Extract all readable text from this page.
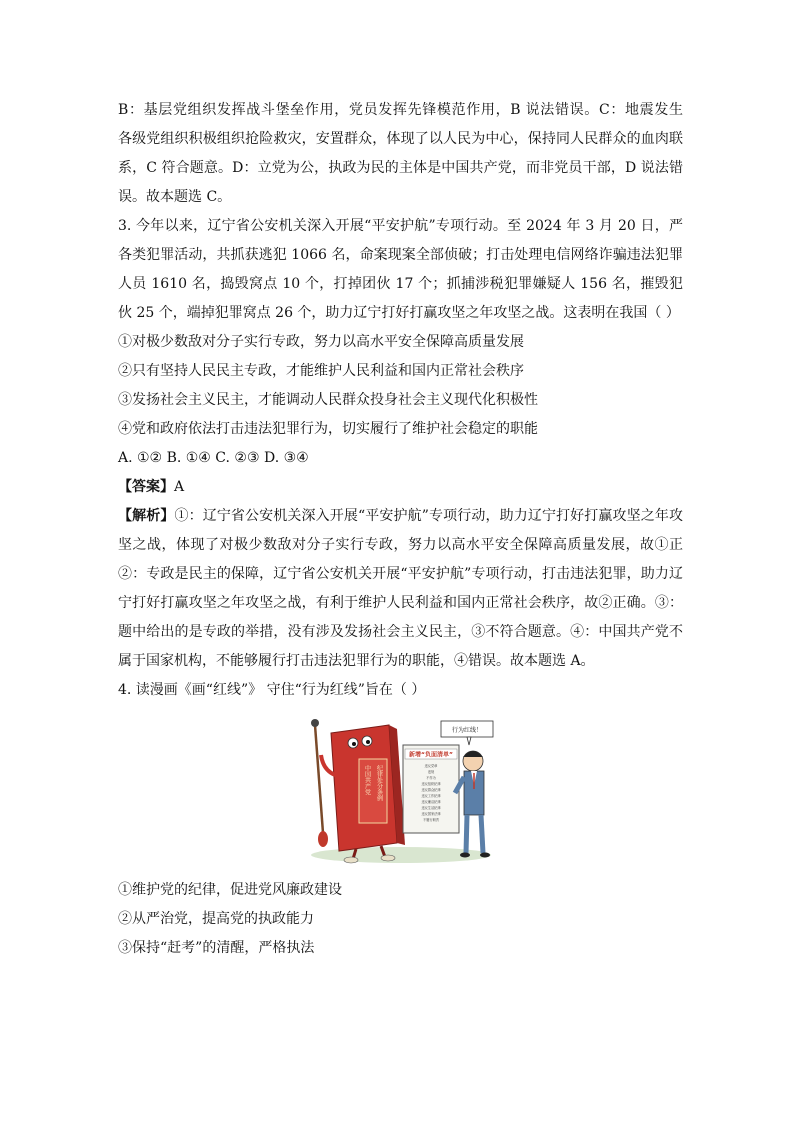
B：基层党组织发挥战斗堡垒作用，党员发挥先锋模范作用，B 说法错误。C：地震发生
各级党组织积极组织抢险救灾，安置群众，体现了以人民为中心，保持同人民群众的血肉联
系，C 符合题意。D：立党为公，执政为民的主体是中国共产党，而非党员干部，D 说法错
误。故本题选 C。
3. 今年以来，辽宁省公安机关深入开展“平安护航”专项行动。至 2024 年 3 月 20 日，严
各类犯罪活动，共抓获逃犯 1066 名，命案现案全部侦破；打击处理电信网络诈骗违法犯罪
人员 1610 名，捣毁窝点 10 个，打掉团伙 17 个；抓捕涉税犯罪嫌疑人 156 名，摧毁犯
伙 25 个，端掉犯罪窝点 26 个，助力辽宁打好打赢攻坚之年攻坚之战。这表明在我国（ ）
①对极少数敌对分子实行专政，努力以高水平安全保障高质量发展
②只有坚持人民民主专政，才能维护人民利益和国内正常社会秩序
③发扬社会主义民主，才能调动人民群众投身社会主义现代化积极性
④党和政府依法打击违法犯罪行为，切实履行了维护社会稳定的职能
A. ①② B. ①④ C. ②③ D. ③④
【答案】A
【解析】①：辽宁省公安机关深入开展“平安护航”专项行动，助力辽宁打好打赢攻坚之年攻
坚之战，体现了对极少数敌对分子实行专政，努力以高水平安全保障高质量发展，故①正
②：专政是民主的保障，辽宁省公安机关开展“平安护航”专项行动，打击违法犯罪，助力辽
宁打好打赢攻坚之年攻坚之战，有利于维护人民利益和国内正常社会秩序，故②正确。③：
题中给出的是专政的举措，没有涉及发扬社会主义民主，③不符合题意。④：中国共产党不
属于国家机构，不能够履行打击违法犯罪行为的职能，④错误。故本题选 A。
4. 读漫画《画“红线”》 守住“行为红线”旨在（ ）
中国共产党 纪律处分条例
新增“负面清单”
违反党章
违规
不作为
违反组织纪律
违反群众纪律
违反工作纪律
违反廉洁纪律
违反生活纪律
违反国家法律
不履行职责
行为红线！
①维护党的纪律，促进党风廉政建设
②从严治党，提高党的执政能力
③保持“赶考”的清醒，严格执法
